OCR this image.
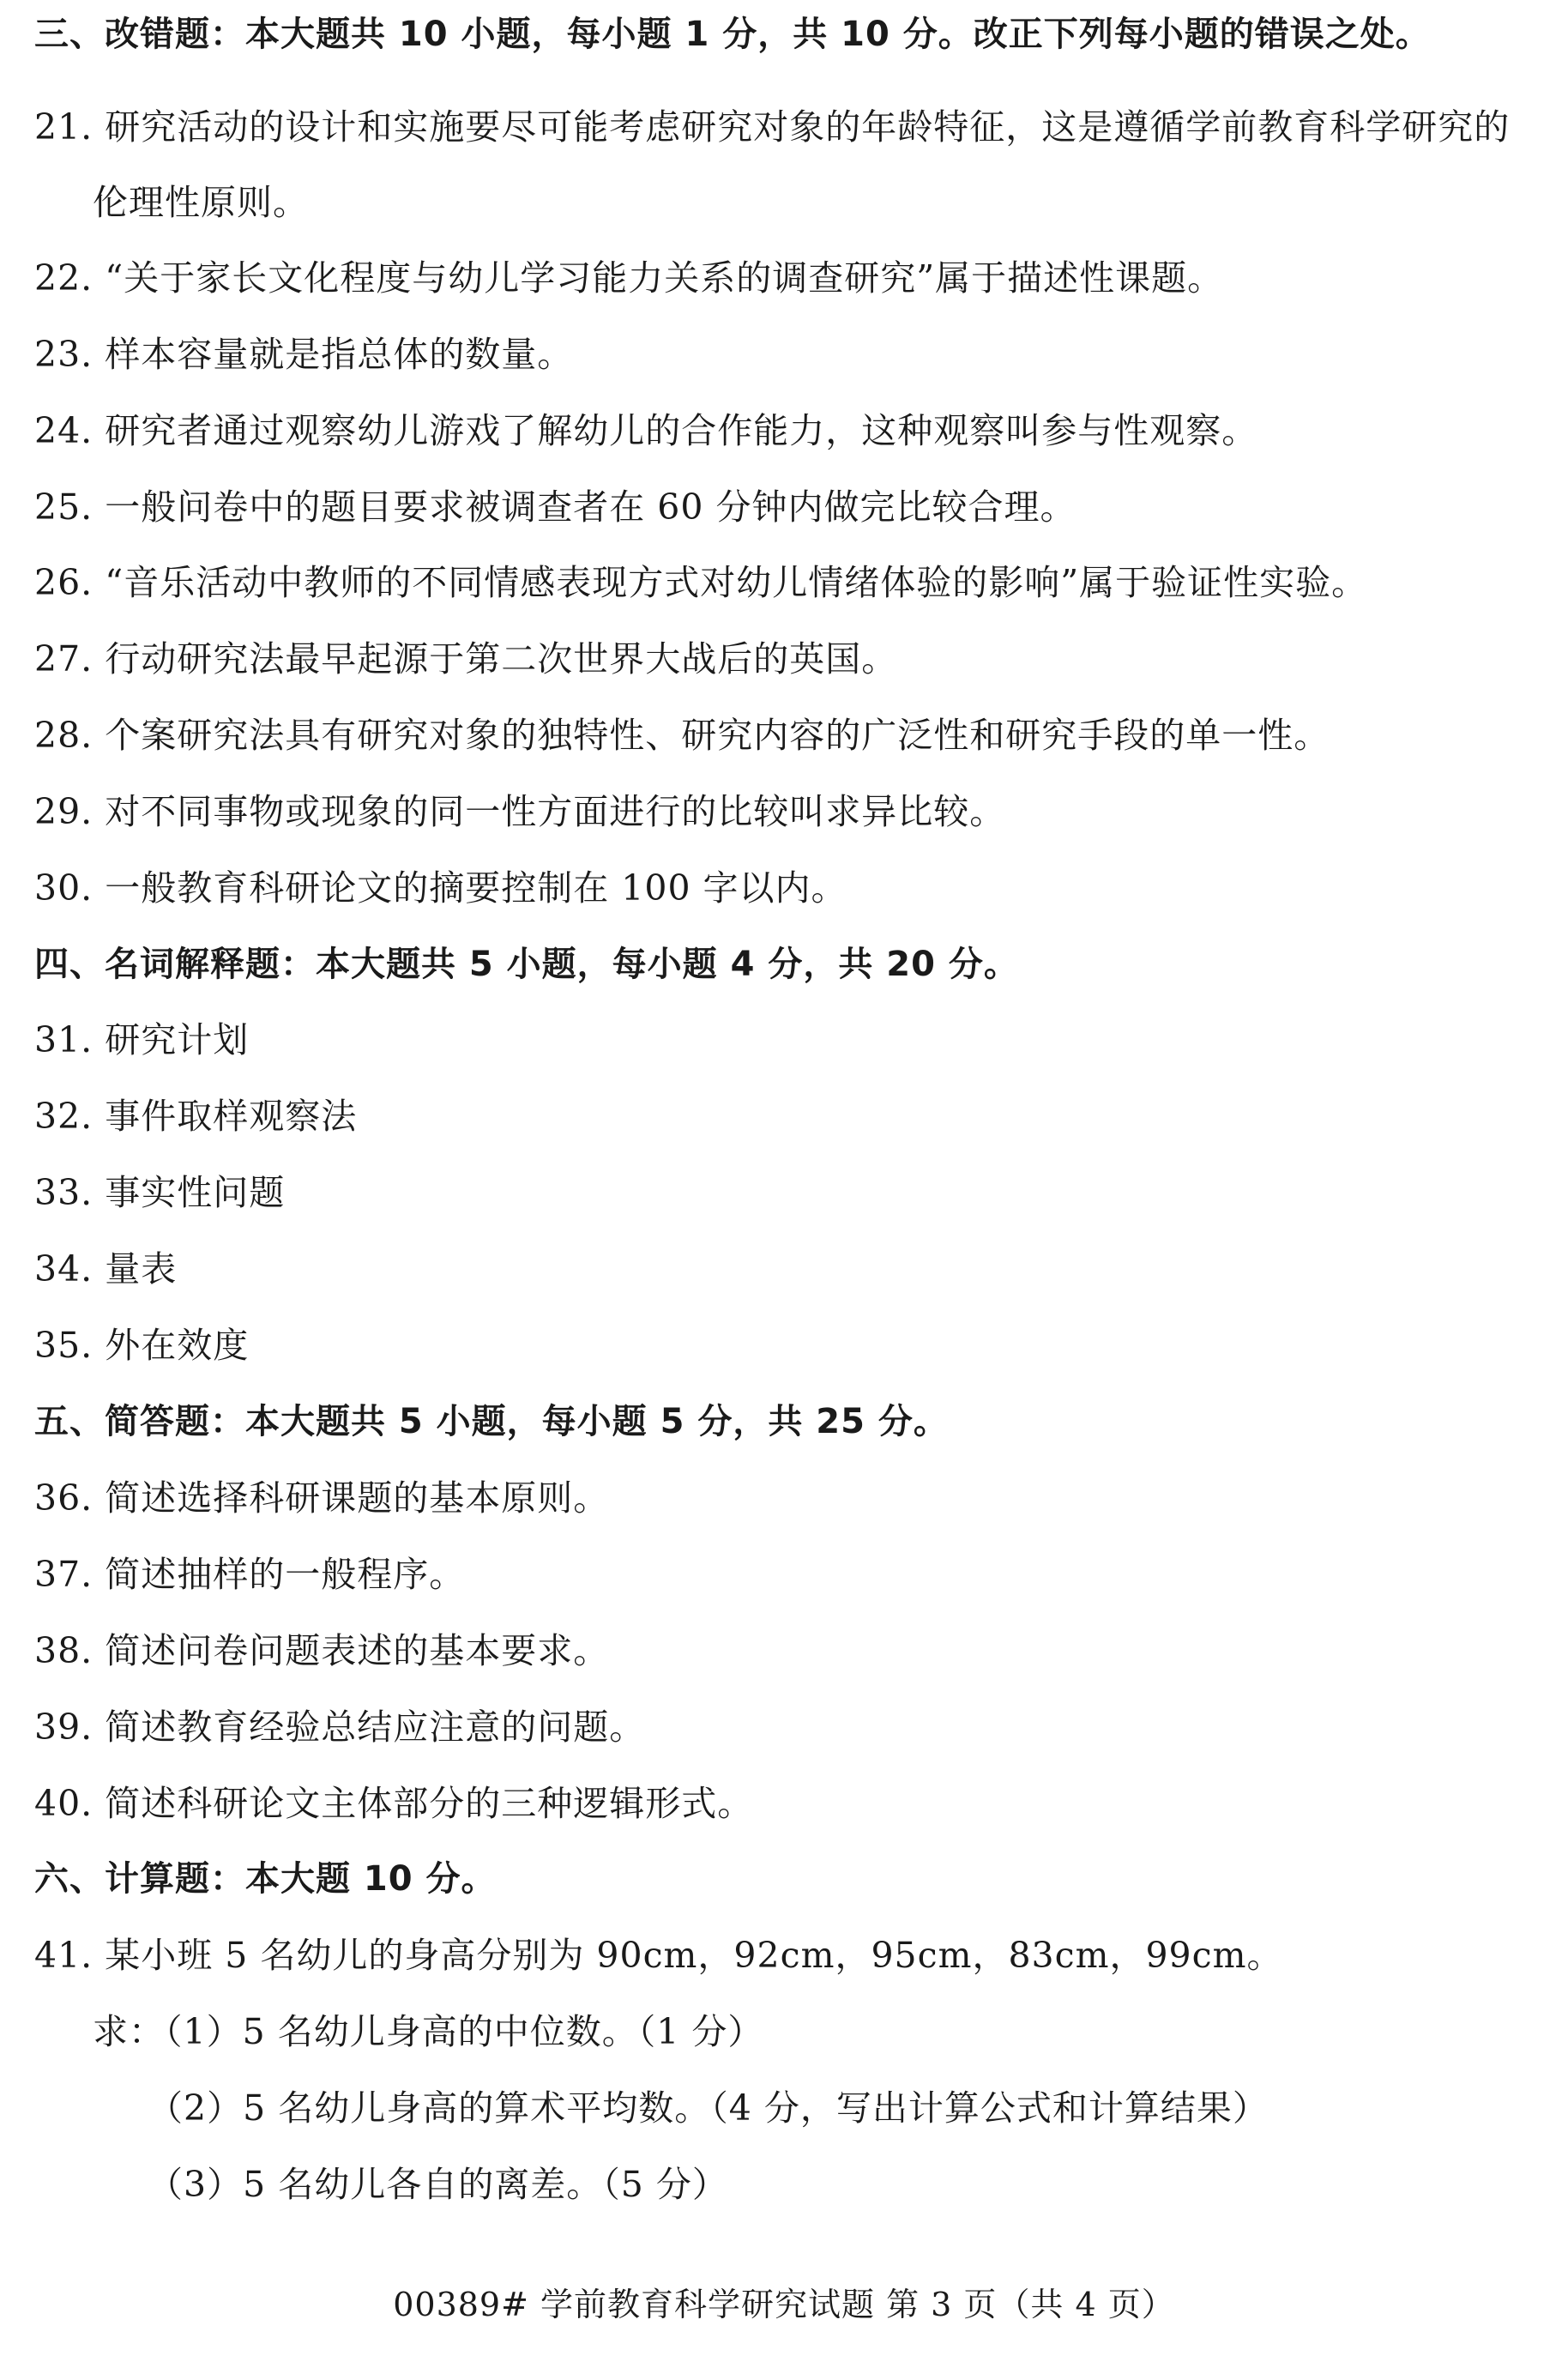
三、改错题：本大题共 10 小题，每小题 1 分，共 10 分。改正下列每小题的错误之处。
21. 研究活动的设计和实施要尽可能考虑研究对象的年龄特征，这是遵循学前教育科学研究的
伦理性原则。
22. “关于家长文化程度与幼儿学习能力关系的调查研究”属于描述性课题。
23. 样本容量就是指总体的数量。
24. 研究者通过观察幼儿游戏了解幼儿的合作能力，这种观察叫参与性观察。
25. 一般问卷中的题目要求被调查者在 60 分钟内做完比较合理。
26. “音乐活动中教师的不同情感表现方式对幼儿情绪体验的影响”属于验证性实验。
27. 行动研究法最早起源于第二次世界大战后的英国。
28. 个案研究法具有研究对象的独特性、研究内容的广泛性和研究手段的单一性。
29. 对不同事物或现象的同一性方面进行的比较叫求异比较。
30. 一般教育科研论文的摘要控制在 100 字以内。
四、名词解释题：本大题共 5 小题，每小题 4 分，共 20 分。
31. 研究计划
32. 事件取样观察法
33. 事实性问题
34. 量表
35. 外在效度
五、简答题：本大题共 5 小题，每小题 5 分，共 25 分。
36. 简述选择科研课题的基本原则。
37. 简述抽样的一般程序。
38. 简述问卷问题表述的基本要求。
39. 简述教育经验总结应注意的问题。
40. 简述科研论文主体部分的三种逻辑形式。
六、计算题：本大题 10 分。
41. 某小班 5 名幼儿的身高分别为 90cm，92cm，95cm，83cm，99cm。
求：（1）5 名幼儿身高的中位数。（1 分）
（2）5 名幼儿身高的算术平均数。（4 分，写出计算公式和计算结果）
（3）5 名幼儿各自的离差。（5 分）
00389# 学前教育科学研究试题 第 3 页（共 4 页）
